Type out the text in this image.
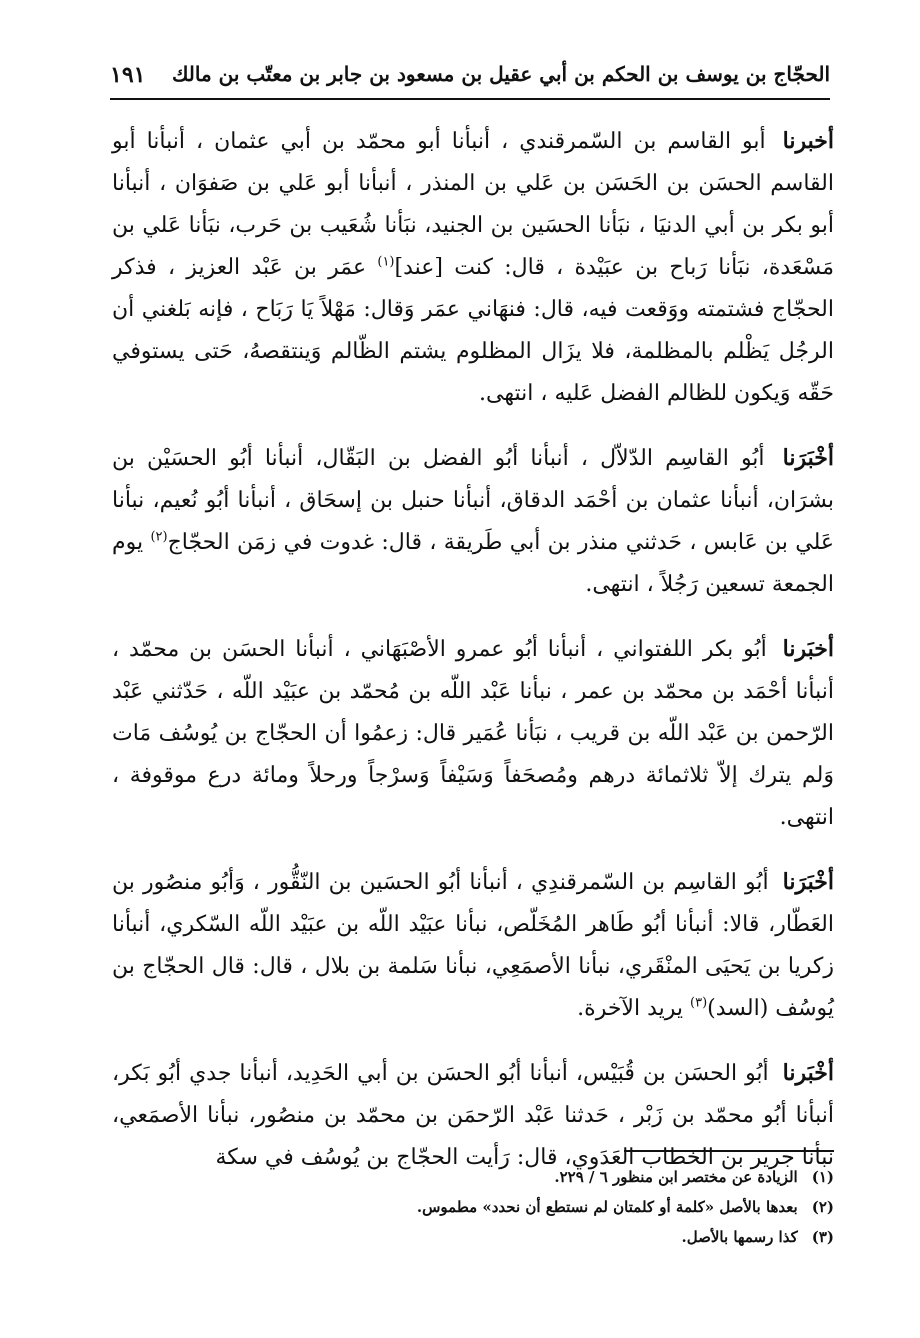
الحجّاج بن يوسف بن الحكم بن أبي عقيل بن مسعود بن جابر بن معتّب بن مالك
١٩١

أخبرنا أبو القاسم بن السّمرقندي ، أنبأنا أبو محمّد بن أبي عثمان ، أنبأنا أبو القاسم الحسَن بن الحَسَن بن عَلي بن المنذر ، أنبأنا أبو عَلي بن صَفوَان ، أنبأنا أبو بكر بن أبي الدنيَا ، نبَأنا الحسَين بن الجنيد، نبَأنا شُعَيب بن حَرب، نبَأنا عَلي بن مَسْعَدة، نبَأنا رَباح بن عبَيْدة ، قال: كنت [عند]$^{(١)}$ عمَر بن عَبْد العزيز ، فذكر الحجّاج فشتمته ووَقعت فيه، قال: فنهَاني عمَر وَقال: مَهْلاً يَا رَبَاح ، فإنه بَلغني أن الرجُل يَظْلم بالمظلمة، فلا يزَال المظلوم يشتم الظّالم وَينتقصهُ، حَتى يستوفي حَقّه وَيكون للظالم الفضل عَليه ، انتهى.

أخْبَرَنا أبُو القاسِم الدّلاّل ، أنبأنا أبُو الفضل بن البَقّال، أنبأنا أبُو الحسَيْن بن بشرَان، أنبأنا عثمان بن أحْمَد الدقاق، أنبأنا حنبل بن إسحَاق ، أنبأنا أبُو نُعيم، نبأنا عَلي بن عَابس ، حَدثني منذر بن أبي طَريقة ، قال: غدوت في زمَن الحجّاج$^{(٢)}$ يوم الجمعة تسعين رَجُلاً ، انتهى.

أخبَرنا أبُو بكر اللفتواني ، أنبأنا أبُو عمرو الأصْبَهَاني ، أنبأنا الحسَن بن محمّد ، أنبأنا أحْمَد بن محمّد بن عمر ، نبأنا عَبْد اللّه بن مُحمّد بن عبَيْد اللّه ، حَدّثني عَبْد الرّحمن بن عَبْد اللّه بن قريب ، نبَأنا عُمَير قال: زعمُوا أن الحجّاج بن يُوسُف مَات وَلم يترك إلاّ ثلاثمائة درهم ومُصحَفاً وَسَيْفاً وَسرْجاً ورحلاً ومائة درع موقوفة ، انتهى.

أخْبَرَنا أبُو القاسِم بن السّمرقندِي ، أنبأنا أبُو الحسَين بن النّقُّور ، وَأبُو منصُور بن العَطّار، قالا: أنبأنا أبُو طَاهر المُخَلّص، نبأنا عبَيْد اللّه بن عبَيْد اللّه السّكري، أنبأنا زكريا بن يَحيَى المنْقَري، نبأنا الأصمَعِي، نبأنا سَلمة بن بلال ، قال: قال الحجّاج بن يُوسُف (السد)$^{(٣)}$ يريد الآخرة.

أخْبَرنا أبُو الحسَن بن قُبَيْس، أنبأنا أبُو الحسَن بن أبي الحَدِيد، أنبأنا جدي أبُو بَكر، أنبأنا أبُو محمّد بن زَبْر ، حَدثنا عَبْد الرّحمَن بن محمّد بن منصُور، نبأنا الأصمَعي، نبأنا جرير بن الخطاب العَدَوي، قال: رَأيت الحجّاج بن يُوسُف في سكة

(١)الزيادة عن مختصر ابن منظور ٦ / ٢٢٩.

(٢)بعدها بالأصل «كلمة أو كلمتان لم نستطع أن نحدد» مطموس.

(٣)كذا رسمها بالأصل.
